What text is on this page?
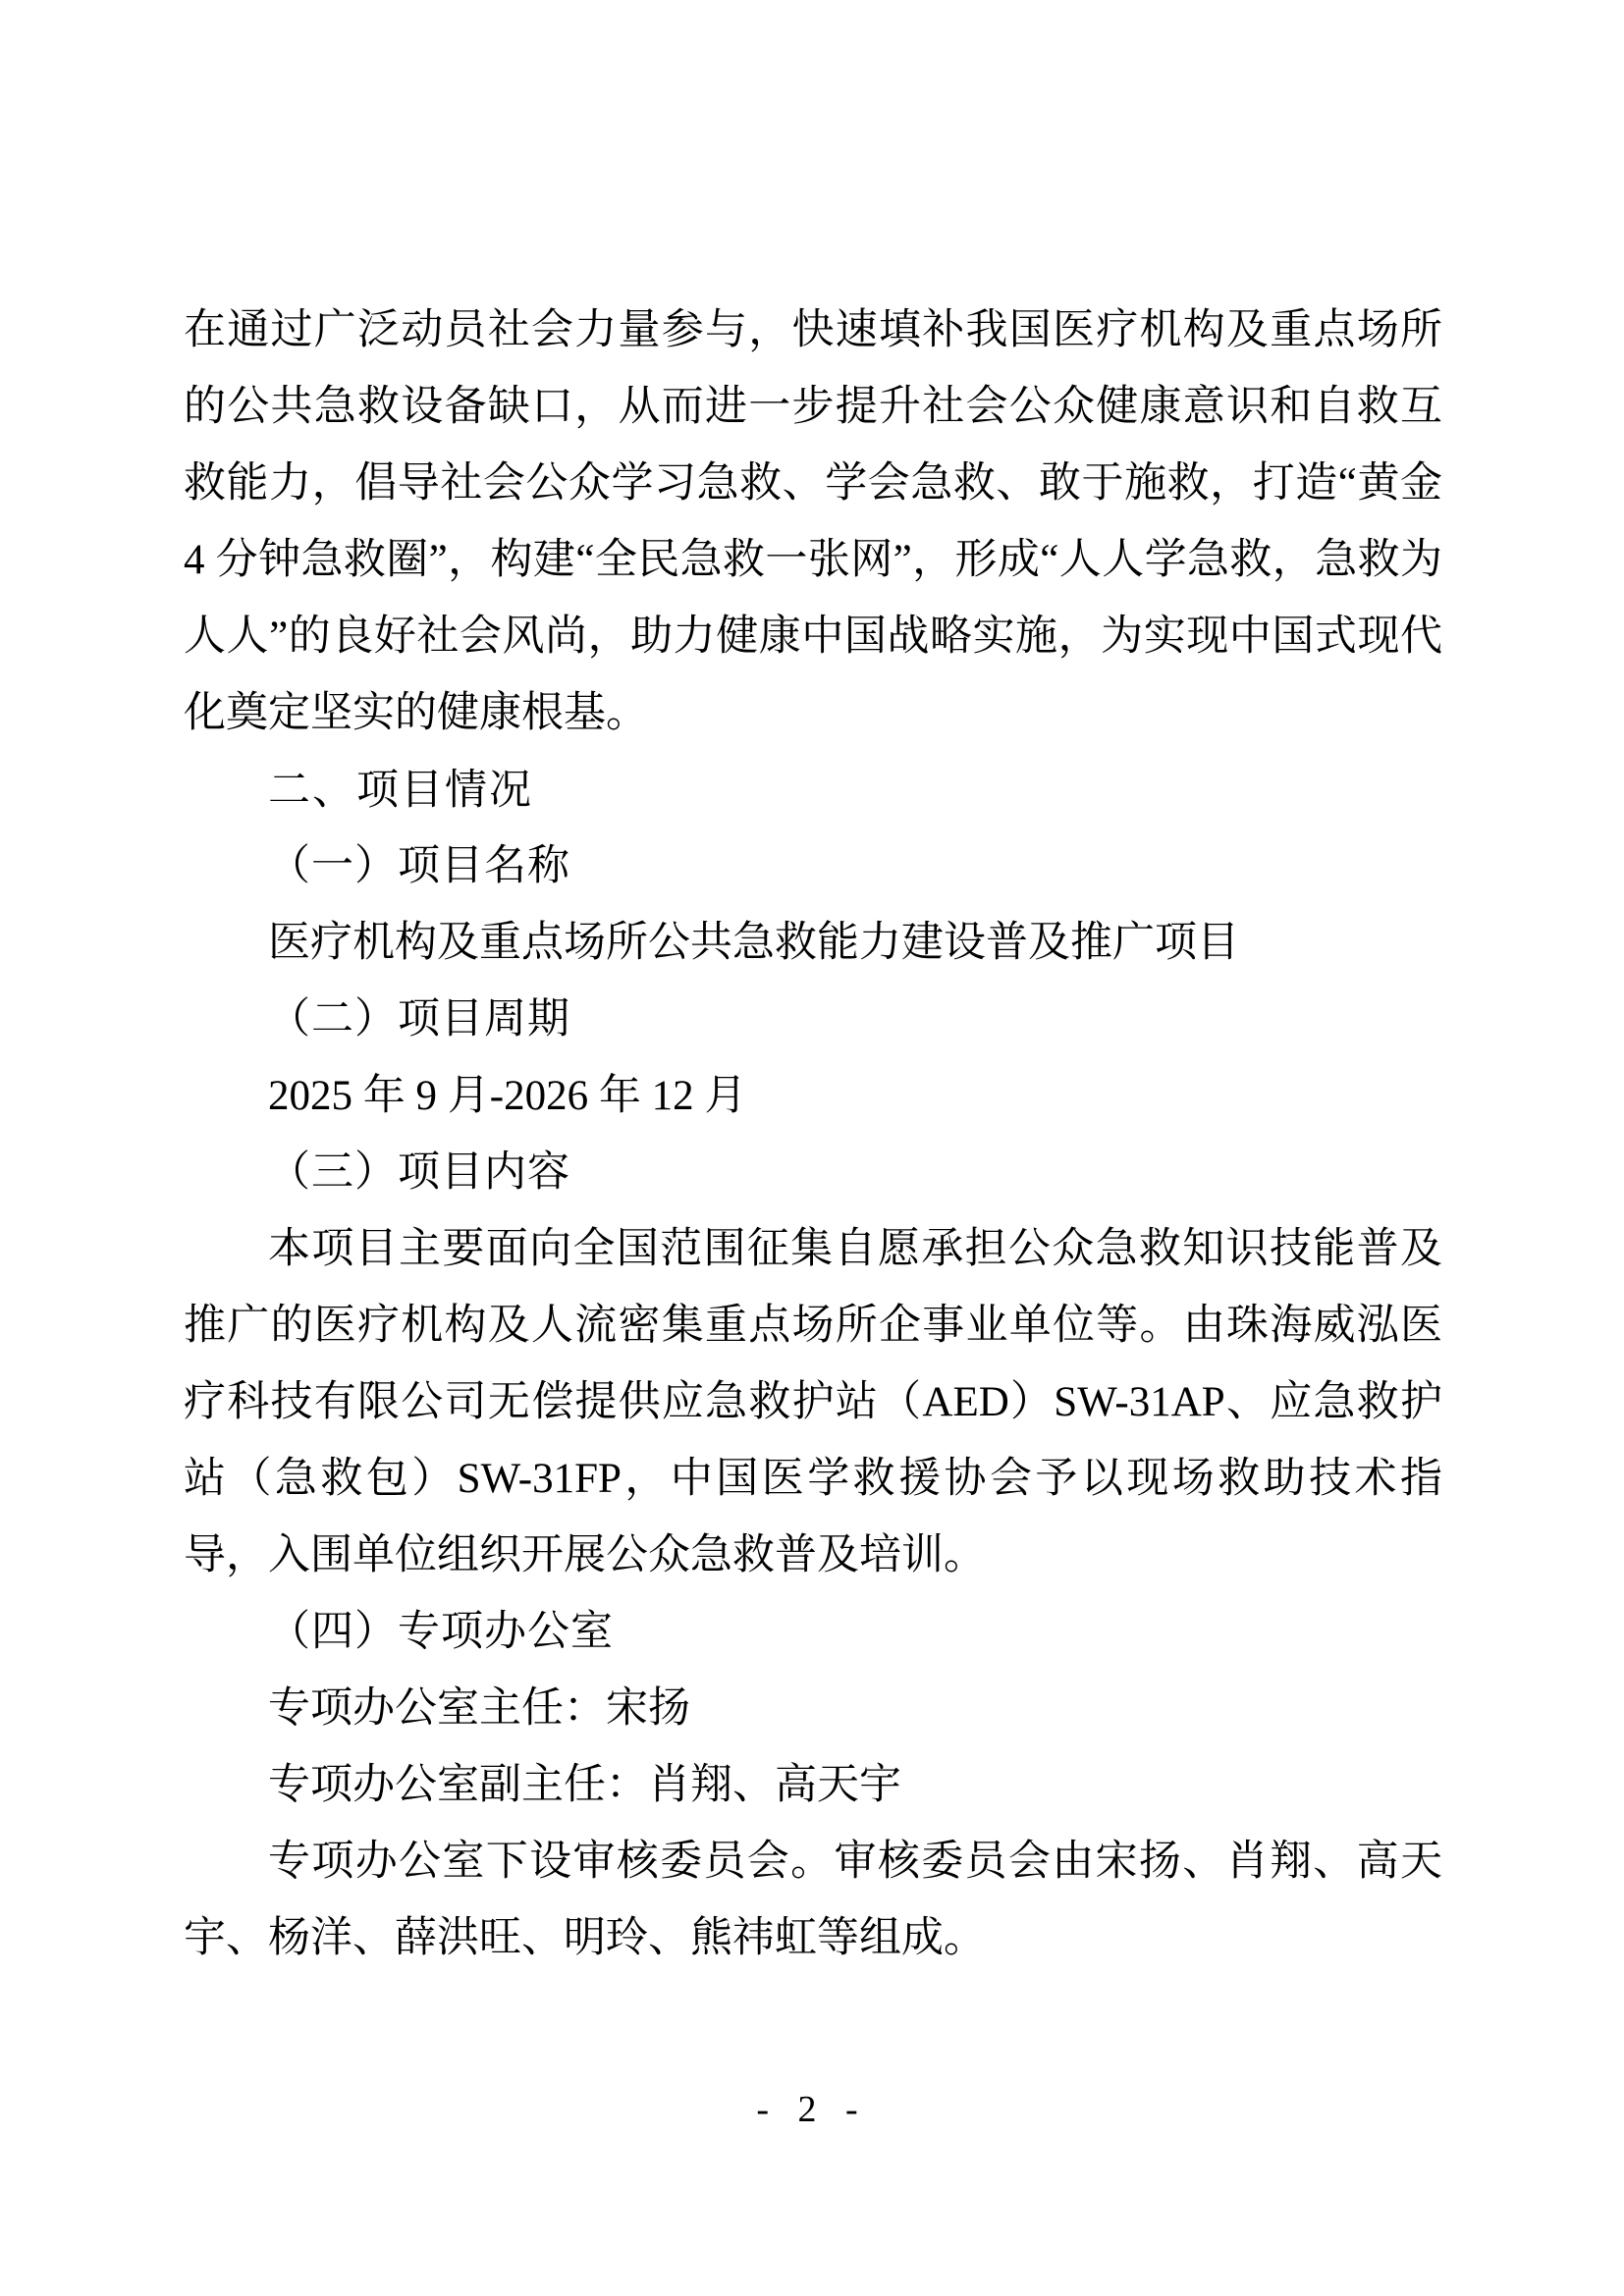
在通过广泛动员社会力量参与，快速填补我国医疗机构及重点场所的公共急救设备缺口，从而进一步提升社会公众健康意识和自救互救能力，倡导社会公众学习急救、学会急救、敢于施救，打造“黄金 4 分钟急救圈”，构建“全民急救一张网”，形成“人人学急救，急救为人人”的良好社会风尚，助力健康中国战略实施，为实现中国式现代化奠定坚实的健康根基。

二、项目情况
（一）项目名称

医疗机构及重点场所公共急救能力建设普及推广项目

（二）项目周期

2025 年 9 月-2026 年 12 月

（三）项目内容

本项目主要面向全国范围征集自愿承担公众急救知识技能普及推广的医疗机构及人流密集重点场所企事业单位等。由珠海威泓医疗科技有限公司无偿提供应急救护站（AED）SW-31AP、应急救护站（急救包）SW-31FP，中国医学救援协会予以现场救助技术指导，入围单位组织开展公众急救普及培训。

（四）专项办公室

专项办公室主任：宋扬

专项办公室副主任：肖翔、高天宇

专项办公室下设审核委员会。审核委员会由宋扬、肖翔、高天宇、杨洋、薛洪旺、明玲、熊祎虹等组成。

- 2 -
